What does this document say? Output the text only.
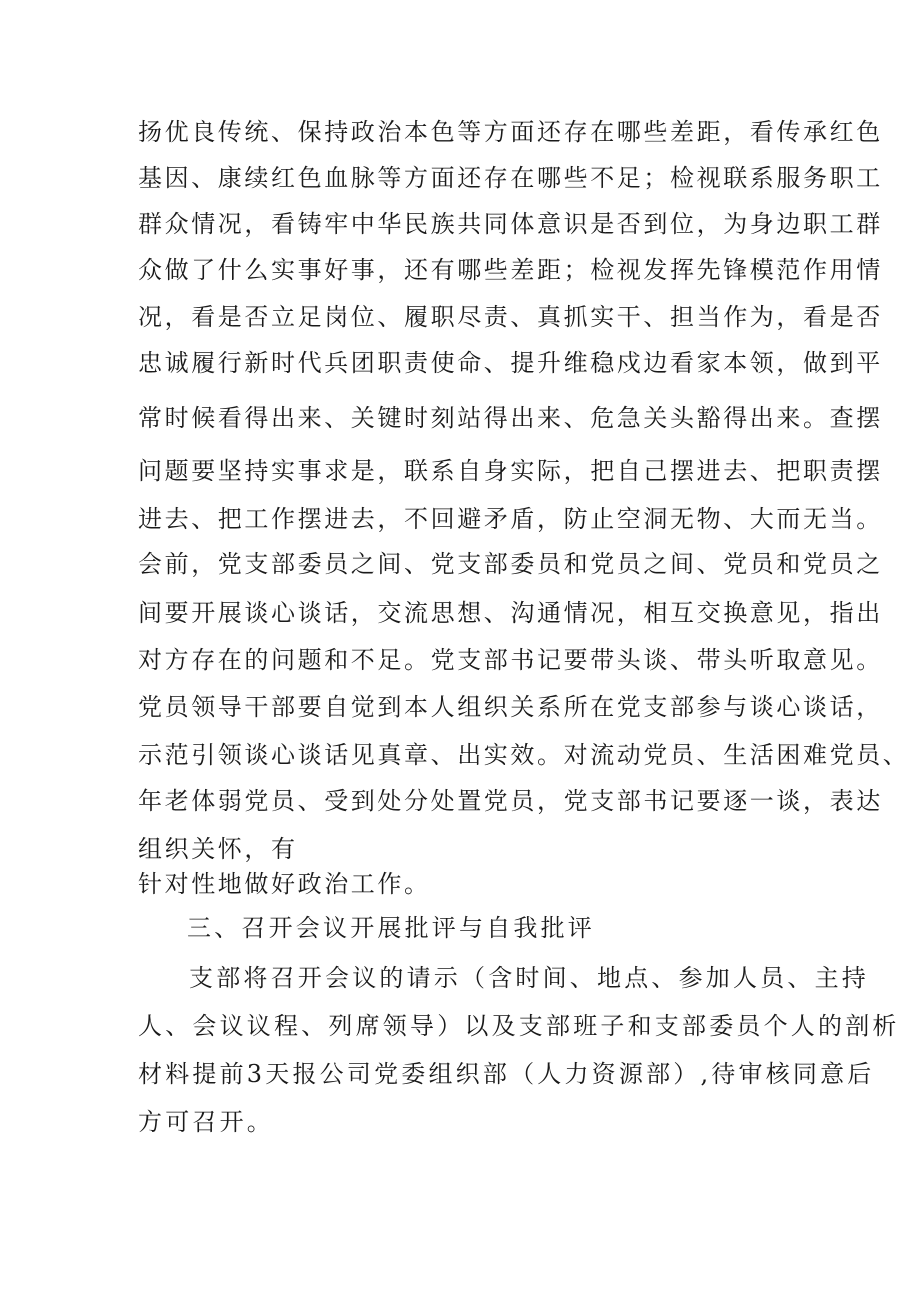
扬优良传统、保持政治本色等方面还存在哪些差距，看传承红色
基因、康续红色血脉等方面还存在哪些不足；检视联系服务职工
群众情况，看铸牢中华民族共同体意识是否到位，为身边职工群
众做了什么实事好事，还有哪些差距；检视发挥先锋模范作用情
况，看是否立足岗位、履职尽责、真抓实干、担当作为，看是否
忠诚履行新时代兵团职责使命、提升维稳戍边看家本领，做到平
常时候看得出来、关键时刻站得出来、危急关头豁得出来。查摆
问题要坚持实事求是，联系自身实际，把自己摆进去、把职责摆
进去、把工作摆进去，不回避矛盾，防止空洞无物、大而无当。
会前，党支部委员之间、党支部委员和党员之间、党员和党员之
间要开展谈心谈话，交流思想、沟通情况，相互交换意见，指出
对方存在的问题和不足。党支部书记要带头谈、带头听取意见。
党员领导干部要自觉到本人组织关系所在党支部参与谈心谈话，
示范引领谈心谈话见真章、出实效。对流动党员、生活困难党员、
年老体弱党员、受到处分处置党员，党支部书记要逐一谈，表达
组织关怀，有
针对性地做好政治工作。
三、召开会议开展批评与自我批评
支部将召开会议的请示（含时间、地点、参加人员、主持
人、会议议程、列席领导）以及支部班子和支部委员个人的剖析
材料提前3天报公司党委组织部（人力资源部）,待审核同意后
方可召开。
